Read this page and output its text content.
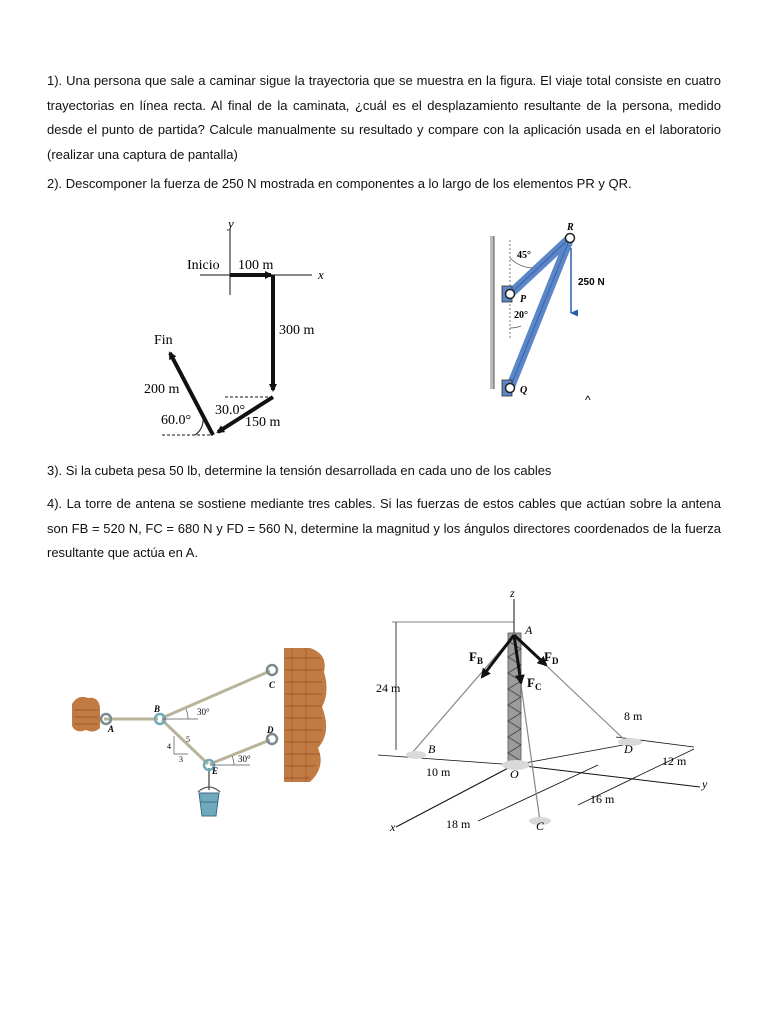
1). Una persona que sale a caminar sigue la trayectoria que se muestra en la figura. El viaje total consiste en cuatro trayectorias en línea recta. Al final de la caminata, ¿cuál es el desplazamiento resultante de la persona, medido desde el punto de partida? Calcule manualmente su resultado y compare con la aplicación usada en el laboratorio (realizar una captura de pantalla)

2). Descomponer la fuerza de 250 N mostrada en componentes a lo largo de los elementos PR y QR.

3). Si la cubeta pesa 50 lb, determine la tensión desarrollada en cada uno de los cables

4). La torre de antena se sostiene mediante tres cables. Si las fuerzas de estos cables que actúan sobre la antena son FB = 520 N, FC = 680 N y FD = 560 N, determine la magnitud y los ángulos directores coordenados de la fuerza resultante que actúa en A.

y
x
Inicio 100 m
300 m
150 m
30.0°
200 m
60.0°
Fin
45°
20°
R
P
Q
250 N
^
30°
30°
5
4
3
A
B
C
D
E
24 m
z
x
y
A
B
C
D
O
$F_B$
$F_C$
$F_D$
8 m
12 m
10 m
16 m
18 m
